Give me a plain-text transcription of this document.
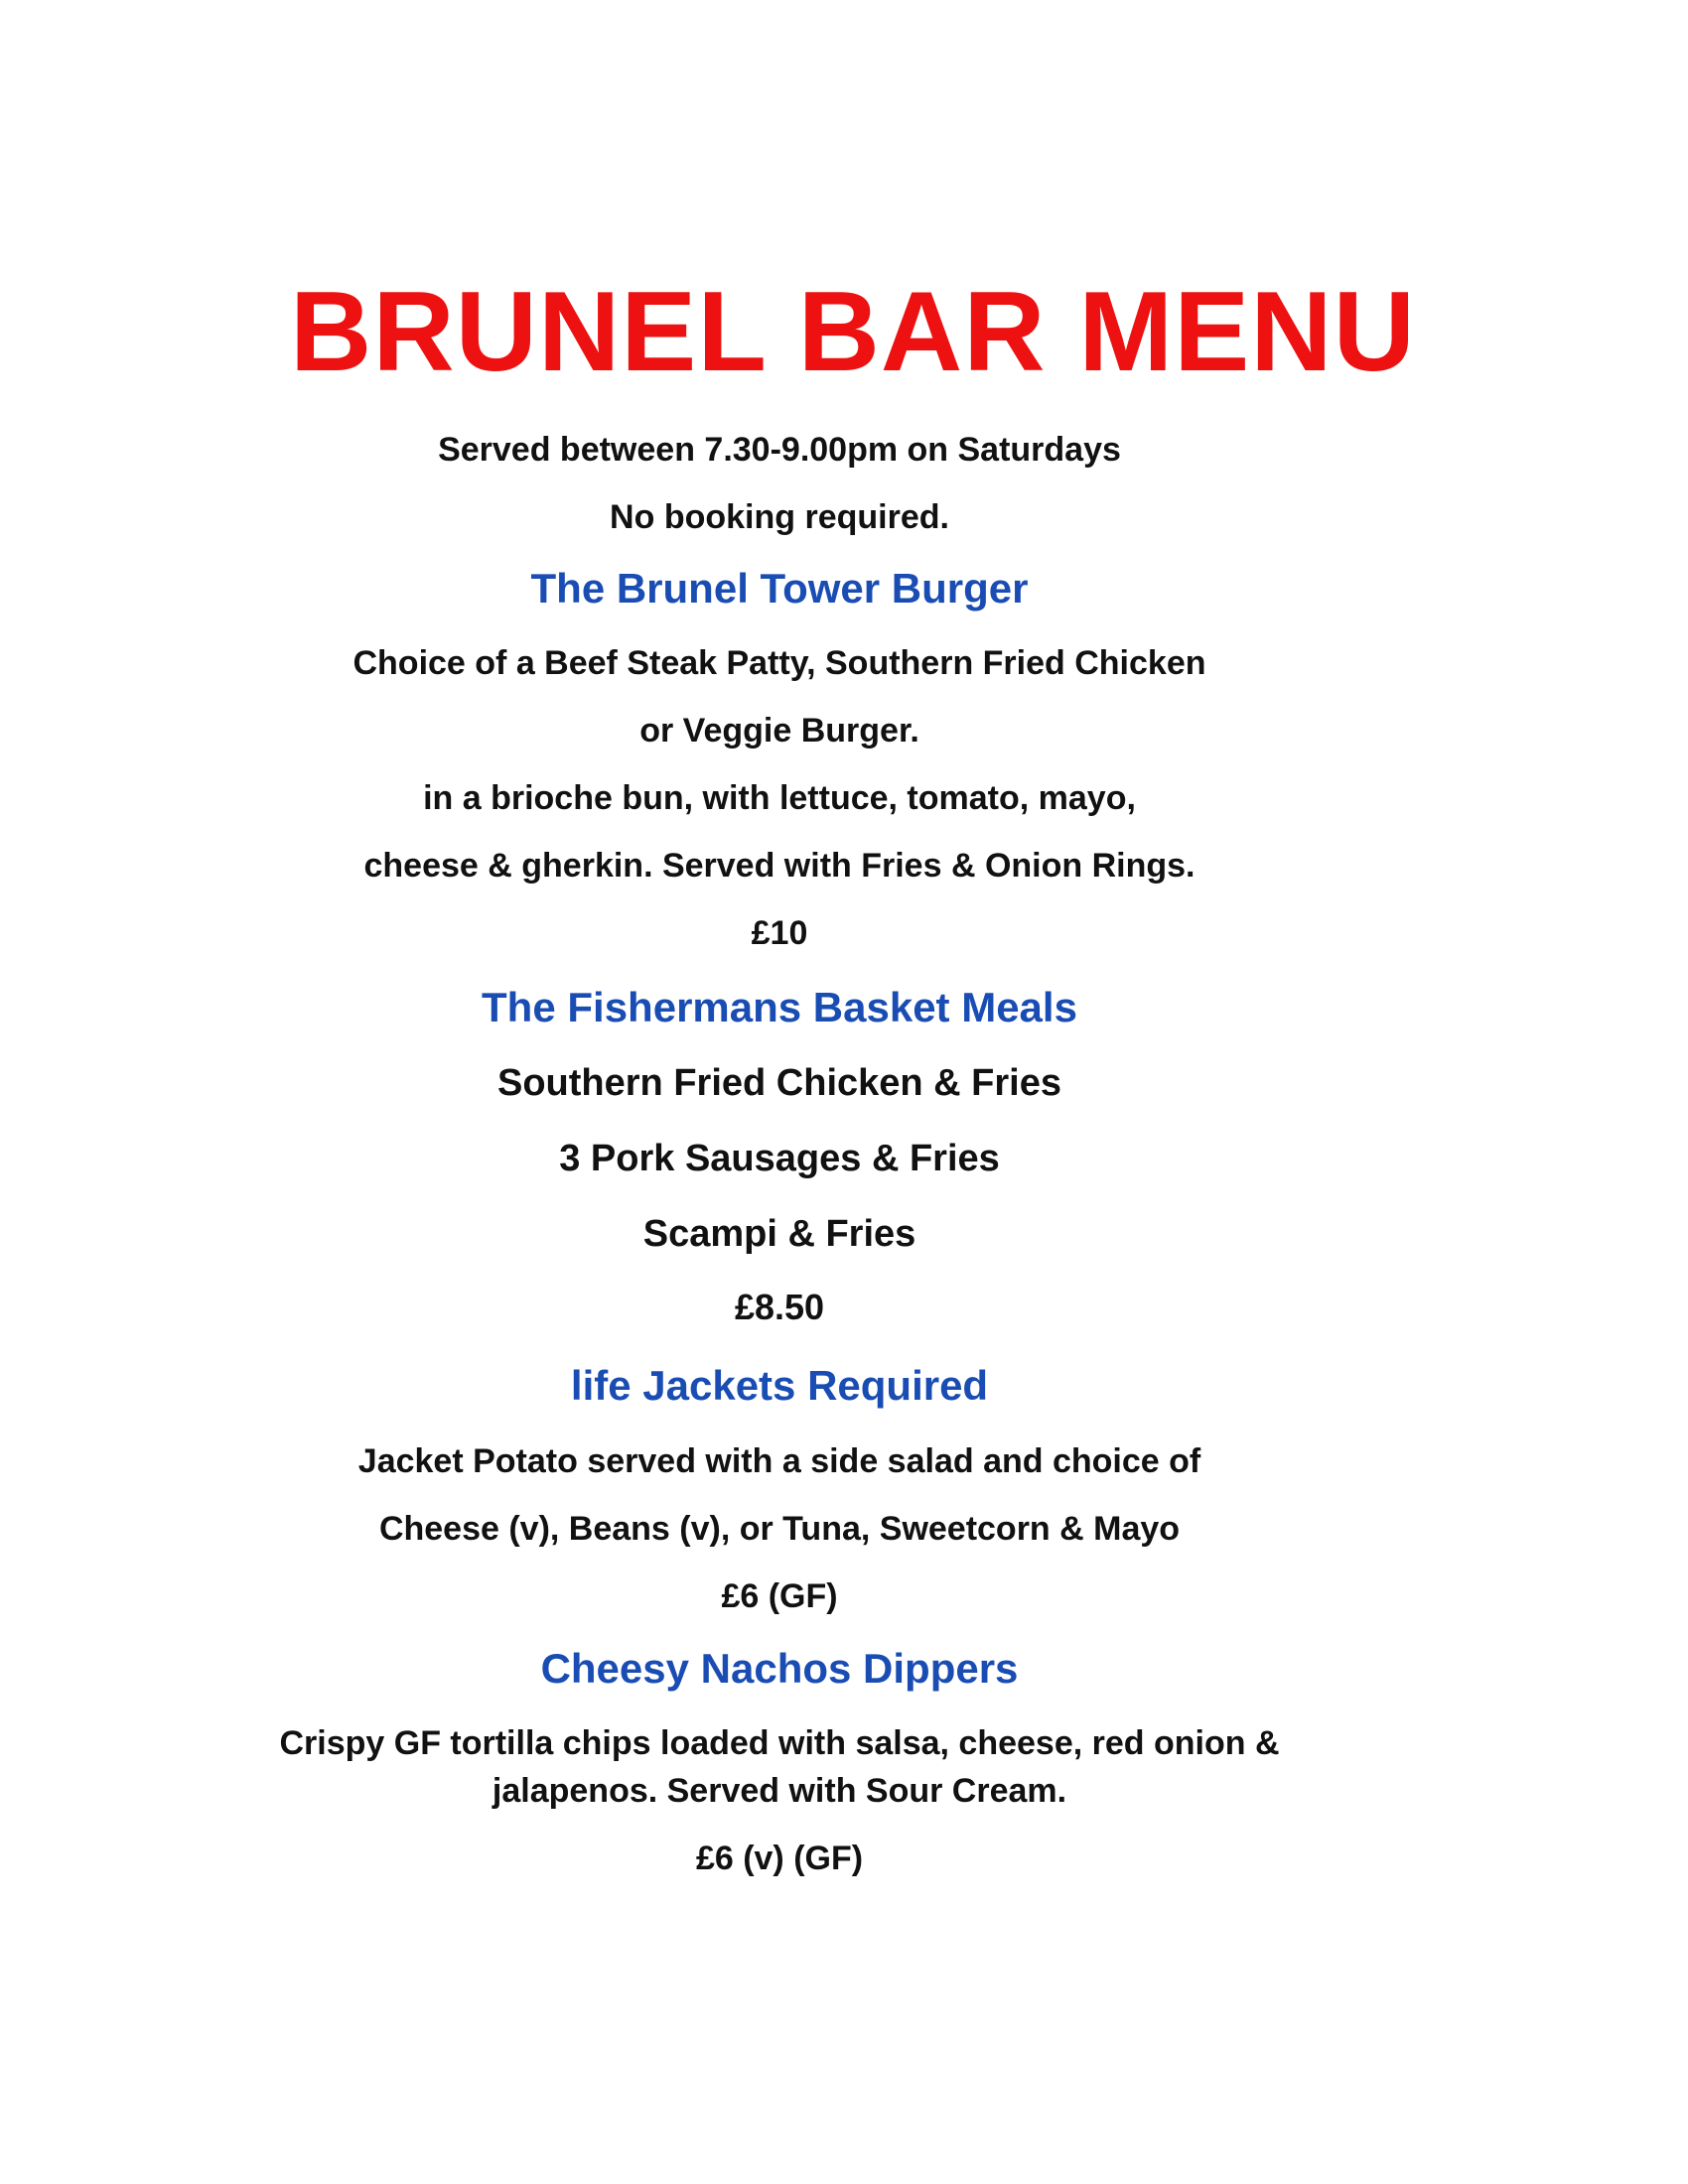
BRUNEL BAR MENU
Served between 7.30-9.00pm on Saturdays
No booking required.
The Brunel Tower Burger
Choice of a Beef Steak Patty, Southern Fried Chicken
or Veggie Burger.
in a brioche bun, with lettuce, tomato, mayo,
cheese & gherkin. Served with Fries & Onion Rings.
£10
The Fishermans Basket Meals
Southern Fried Chicken & Fries
3 Pork Sausages & Fries
Scampi & Fries
£8.50
life Jackets Required
Jacket Potato served with a side salad and choice of
Cheese (v), Beans (v), or Tuna, Sweetcorn & Mayo
£6 (GF)
Cheesy Nachos Dippers
Crispy GF tortilla chips loaded with salsa, cheese, red onion &
jalapenos. Served with Sour Cream.
£6 (v) (GF)
